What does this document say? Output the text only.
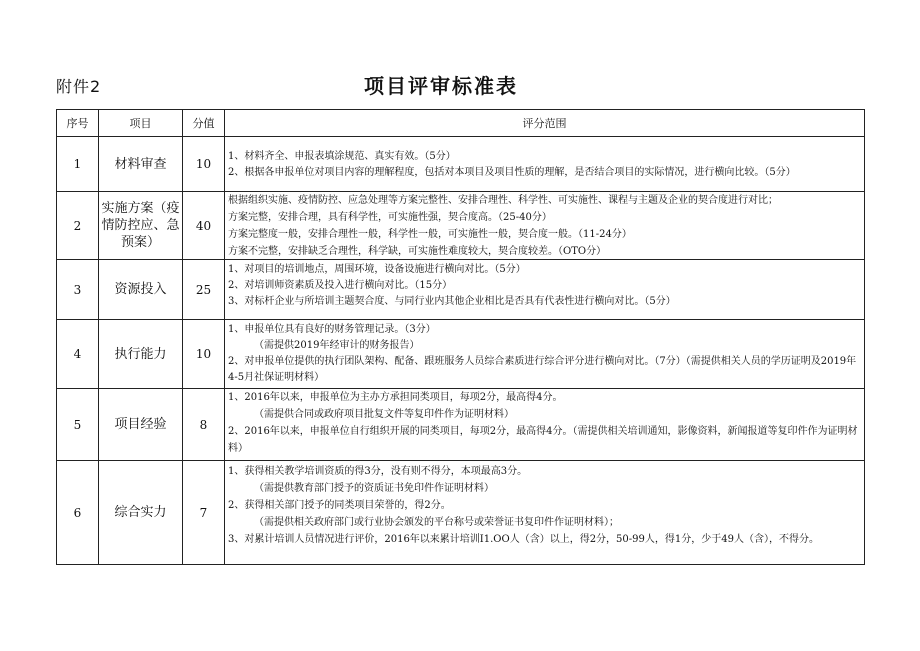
附件2	项目评审标准表
序号	项目	分值	评分范围
1	材料审查	10	1、材料齐全、申报表填涂规范、真实有效。（5分）
2、根据各申报单位对项目内容的理解程度，包括对本项目及项目性质的理解，是否结合项目的实际情况，进行横向比较。（5分）

2	实施方案（疫情防控应、急预案）	40	根据组织实施、疫情防控、应急处理等方案完整性、安排合理性、科学性、可实施性、课程与主题及企业的契合度进行对比；
方案完整，安排合理，具有科学性，可实施性强，契合度高。（25-40分）
方案完整度一般，安排合理性一般，科学性一般，可实施性一般，契合度一般。（11-24分）
方案不完整，安排缺乏合理性，科学缺，可实施性难度较大，契合度较差。（OTO分）

3	资源投入	25	1、对项目的培训地点，周围环境，设备设施进行横向对比。（5分）
2、对培训师资素质及投入进行横向对比。（15分）
3、对标杆企业与所培训主题契合度、与同行业内其他企业相比是否具有代表性进行横向对比。（5分）

4	执行能力	10	1、申报单位具有良好的财务管理记录。（3分）
（需提供2019年经审计的财务报告）
2、对申报单位提供的执行团队架构、配备、跟班服务人员综合素质进行综合评分进行横向对比。（7分）（需提供相关人员的学历证明及2019年4-5月社保证明材料）

5	项目经验	8	1、2016年以来，申报单位为主办方承担同类项目，每项2分，最高得4分。
（需提供合同或政府项目批复文件等复印件作为证明材料）
2、2016年以来，申报单位自行组织开展的同类项目，每项2分，最高得4分。（需提供相关培训通知，影像资料，新闻报道等复印件作为证明材料）

6	综合实力	7	1、获得相关教学培训资质的得3分，没有则不得分，本项最高3分。
（需提供教育部门授予的资质证书免印件作证明材料）
2、获得相关部门授予的同类项目荣誉的，得2分。
（需提供相关政府部门或行业协会颁发的平台称号或荣誉证书复印件作证明材料）；
3、对累计培训人员情况进行评价，2016年以来累计培训I1.OO人（含）以上，得2分，50-99人，得1分，少于49人（含），不得分。
